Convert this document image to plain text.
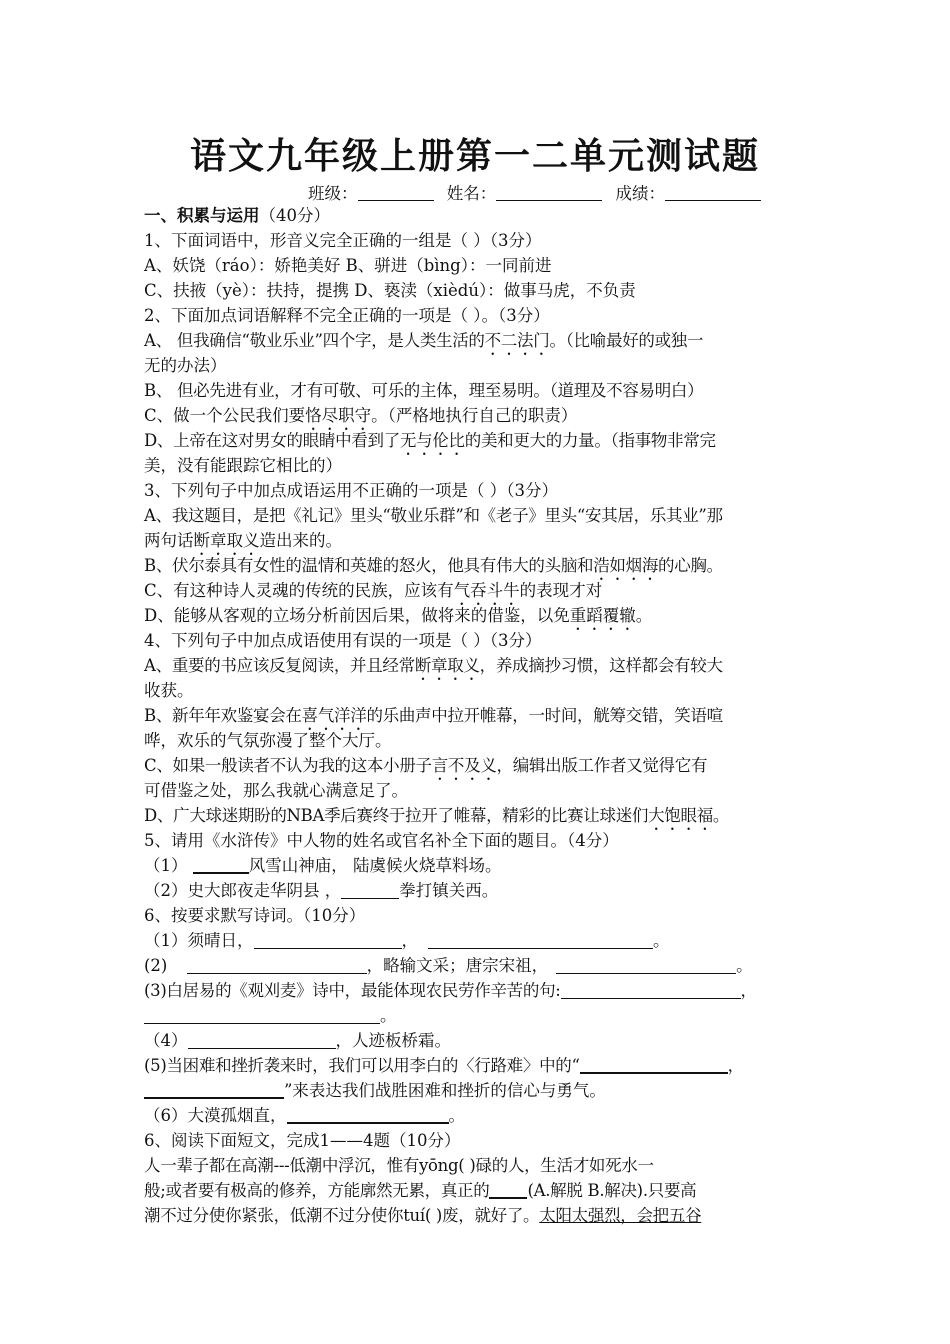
语文九年级上册第一二单元测试题
班级：	姓名：	成绩：
一、积累与运用（40分）
1、下面词语中，形音义完全正确的一组是（ ）（3分）
A、妖饶（ráo）：娇艳美好 B、骈进（bìng）：一同前进
C、扶掖（yè）：扶持，提携 D、亵渎（xièdú）：做事马虎，不负责
2、下面加点词语解释不完全正确的一项是（ ）。（3分）
A、 但我确信“敬业乐业”四个字，是人类生活的不二法门。（比喻最好的或独一
无的办法）
B、 但必先进有业，才有可敬、可乐的主体，理至易明。（道理及不容易明白）
C、做一个公民我们要恪尽职守。（严格地执行自己的职责）
D、上帝在这对男女的眼睛中看到了无与伦比的美和更大的力量。（指事物非常完
美，没有能跟踪它相比的）
3、下列句子中加点成语运用不正确的一项是（ ）（3分）
A、我这题目，是把《礼记》里头“敬业乐群”和《老子》里头“安其居，乐其业”那
两句话断章取义造出来的。
B、伏尔泰具有女性的温情和英雄的怒火，他具有伟大的头脑和浩如烟海的心胸。
C、有这种诗人灵魂的传统的民族，应该有气吞斗牛的表现才对
D、能够从客观的立场分析前因后果，做将来的借鉴，以免重蹈覆辙。
4、下列句子中加点成语使用有误的一项是（ ）（3分）
A、重要的书应该反复阅读，并且经常断章取义，养成摘抄习惯，这样都会有较大
收获。
B、新年年欢鉴宴会在喜气洋洋的乐曲声中拉开帷幕，一时间，觥筹交错，笑语喧
哗，欢乐的气氛弥漫了整个大厅。
C、如果一般读者不认为我的这本小册子言不及义，编辑出版工作者又觉得它有
可借鉴之处，那么我就心满意足了。
D、广大球迷期盼的NBA季后赛终于拉开了帷幕，精彩的比赛让球迷们大饱眼福。
5、请用《水浒传》中人物的姓名或官名补全下面的题目。（4分）
（1）	风雪山神庙， 陆虞候火烧草料场。
（2）史大郎夜走华阴县 ，	拳打镇关西。
6、按要求默写诗词。（10分）
（1）须晴日，	，	。
(2)	，略输文采；唐宗宋祖，	。
(3)白居易的《观刈麦》诗中，最能体现农民劳作辛苦的句:	，
。
（4）	，人迹板桥霜。
(5)当困难和挫折袭来时，我们可以用李白的〈行路难〉中的“	，
”来表达我们战胜困难和挫折的信心与勇气。
（6）大漠孤烟直，	。
6、阅读下面短文，完成1——4题（10分）
人一辈子都在高潮---低潮中浮沉，惟有yōng( )碌的人，生活才如死水一
般;或者要有极高的修养，方能廓然无累，真正的 (A.解脱 B.解决).只要高
潮不过分使你紧张，低潮不过分使你tuí( )废，就好了。太阳太强烈，会把五谷
